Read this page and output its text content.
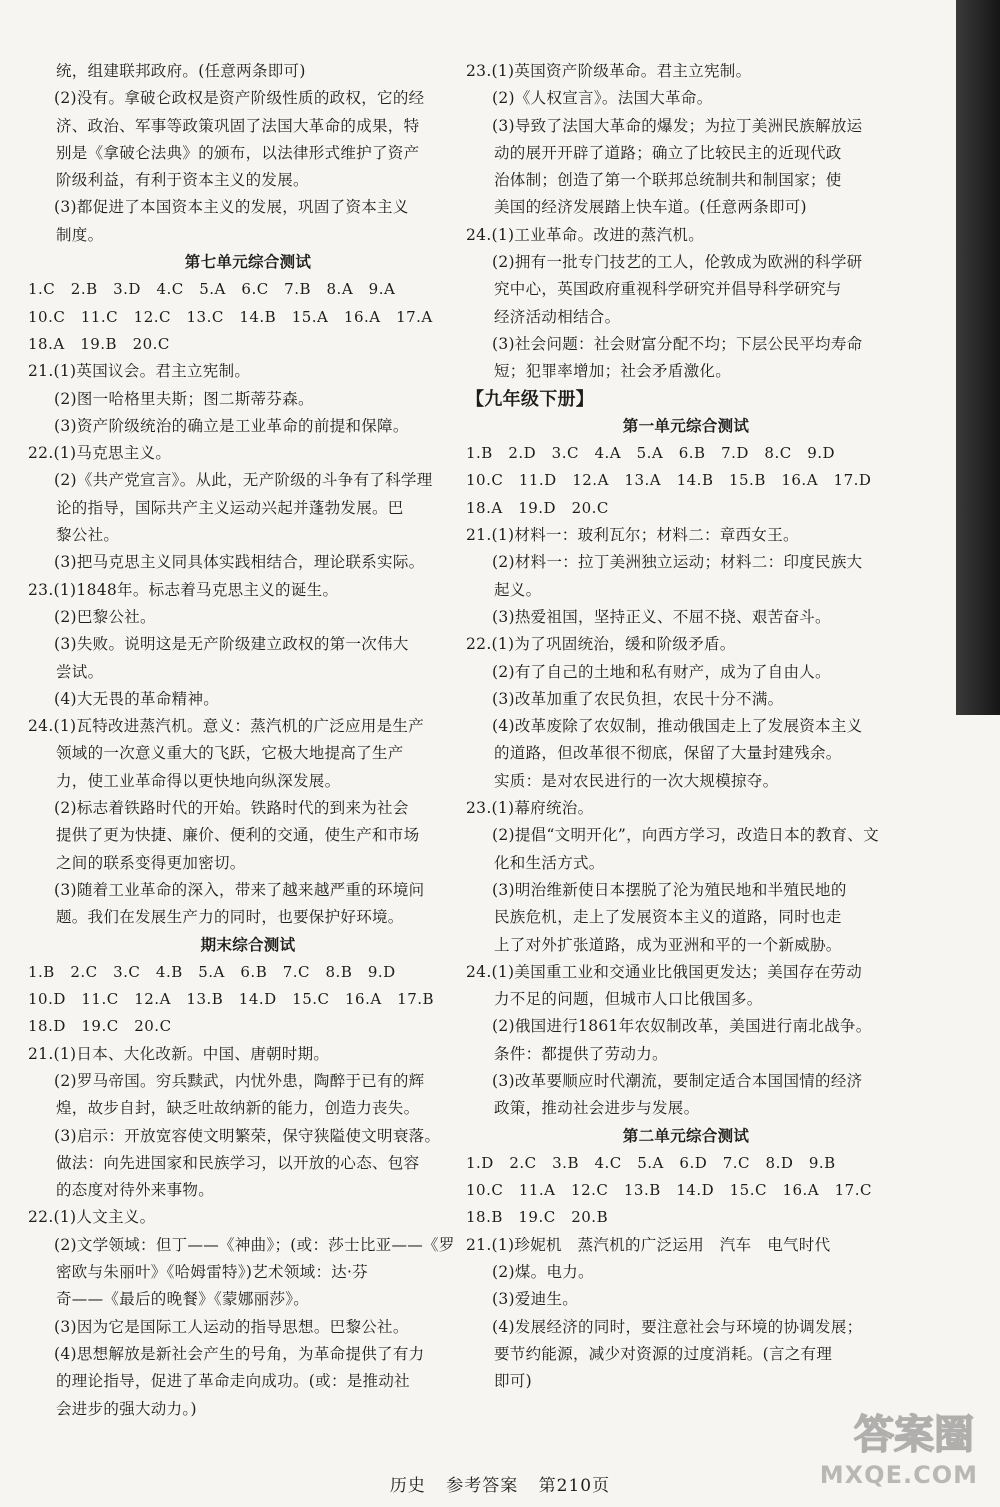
统，组建联邦政府。(任意两条即可)
(2)没有。拿破仑政权是资产阶级性质的政权，它的经
济、政治、军事等政策巩固了法国大革命的成果，特
别是《拿破仑法典》的颁布，以法律形式维护了资产
阶级利益，有利于资本主义的发展。
(3)都促进了本国资本主义的发展，巩固了资本主义
制度。
第七单元综合测试
1.C　2.B　3.D　4.C　5.A　6.C　7.B　8.A　9.A
10.C　11.C　12.C　13.C　14.B　15.A　16.A　17.A
18.A　19.B　20.C
21.(1)英国议会。君主立宪制。
(2)图一哈格里夫斯；图二斯蒂芬森。
(3)资产阶级统治的确立是工业革命的前提和保障。
22.(1)马克思主义。
(2)《共产党宣言》。从此，无产阶级的斗争有了科学理
论的指导，国际共产主义运动兴起并蓬勃发展。巴
黎公社。
(3)把马克思主义同具体实践相结合，理论联系实际。
23.(1)1848年。标志着马克思主义的诞生。
(2)巴黎公社。
(3)失败。说明这是无产阶级建立政权的第一次伟大
尝试。
(4)大无畏的革命精神。
24.(1)瓦特改进蒸汽机。意义：蒸汽机的广泛应用是生产
领域的一次意义重大的飞跃，它极大地提高了生产
力，使工业革命得以更快地向纵深发展。
(2)标志着铁路时代的开始。铁路时代的到来为社会
提供了更为快捷、廉价、便利的交通，使生产和市场
之间的联系变得更加密切。
(3)随着工业革命的深入，带来了越来越严重的环境问
题。我们在发展生产力的同时，也要保护好环境。
期末综合测试
1.B　2.C　3.C　4.B　5.A　6.B　7.C　8.B　9.D
10.D　11.C　12.A　13.B　14.D　15.C　16.A　17.B
18.D　19.C　20.C
21.(1)日本、大化改新。中国、唐朝时期。
(2)罗马帝国。穷兵黩武，内忧外患，陶醉于已有的辉
煌，故步自封，缺乏吐故纳新的能力，创造力丧失。
(3)启示：开放宽容使文明繁荣，保守狭隘使文明衰落。
做法：向先进国家和民族学习，以开放的心态、包容
的态度对待外来事物。
22.(1)人文主义。
(2)文学领域：但丁——《神曲》；(或：莎士比亚——《罗
密欧与朱丽叶》《哈姆雷特》)艺术领域：达·芬
奇——《最后的晚餐》《蒙娜丽莎》。
(3)因为它是国际工人运动的指导思想。巴黎公社。
(4)思想解放是新社会产生的号角，为革命提供了有力
的理论指导，促进了革命走向成功。(或：是推动社
会进步的强大动力。)
23.(1)英国资产阶级革命。君主立宪制。
(2)《人权宣言》。法国大革命。
(3)导致了法国大革命的爆发；为拉丁美洲民族解放运
动的展开开辟了道路；确立了比较民主的近现代政
治体制；创造了第一个联邦总统制共和制国家；使
美国的经济发展踏上快车道。(任意两条即可)
24.(1)工业革命。改进的蒸汽机。
(2)拥有一批专门技艺的工人，伦敦成为欧洲的科学研
究中心，英国政府重视科学研究并倡导科学研究与
经济活动相结合。
(3)社会问题：社会财富分配不均；下层公民平均寿命
短；犯罪率增加；社会矛盾激化。
【九年级下册】
第一单元综合测试
1.B　2.D　3.C　4.A　5.A　6.B　7.D　8.C　9.D
10.C　11.D　12.A　13.A　14.B　15.B　16.A　17.D
18.A　19.D　20.C
21.(1)材料一：玻利瓦尔；材料二：章西女王。
(2)材料一：拉丁美洲独立运动；材料二：印度民族大
起义。
(3)热爱祖国，坚持正义、不屈不挠、艰苦奋斗。
22.(1)为了巩固统治，缓和阶级矛盾。
(2)有了自己的土地和私有财产，成为了自由人。
(3)改革加重了农民负担，农民十分不满。
(4)改革废除了农奴制，推动俄国走上了发展资本主义
的道路，但改革很不彻底，保留了大量封建残余。
实质：是对农民进行的一次大规模掠夺。
23.(1)幕府统治。
(2)提倡“文明开化”，向西方学习，改造日本的教育、文
化和生活方式。
(3)明治维新使日本摆脱了沦为殖民地和半殖民地的
民族危机，走上了发展资本主义的道路，同时也走
上了对外扩张道路，成为亚洲和平的一个新威胁。
24.(1)美国重工业和交通业比俄国更发达；美国存在劳动
力不足的问题，但城市人口比俄国多。
(2)俄国进行1861年农奴制改革，美国进行南北战争。
条件：都提供了劳动力。
(3)改革要顺应时代潮流，要制定适合本国国情的经济
政策，推动社会进步与发展。
第二单元综合测试
1.D　2.C　3.B　4.C　5.A　6.D　7.C　8.D　9.B
10.C　11.A　12.C　13.B　14.D　15.C　16.A　17.C
18.B　19.C　20.B
21.(1)珍妮机　蒸汽机的广泛运用　汽车　电气时代
(2)煤。电力。
(3)爱迪生。
(4)发展经济的同时，要注意社会与环境的协调发展；
要节约能源，减少对资源的过度消耗。(言之有理
即可)
历史 参考答案 第210页
答案圈
MXQE.COM
